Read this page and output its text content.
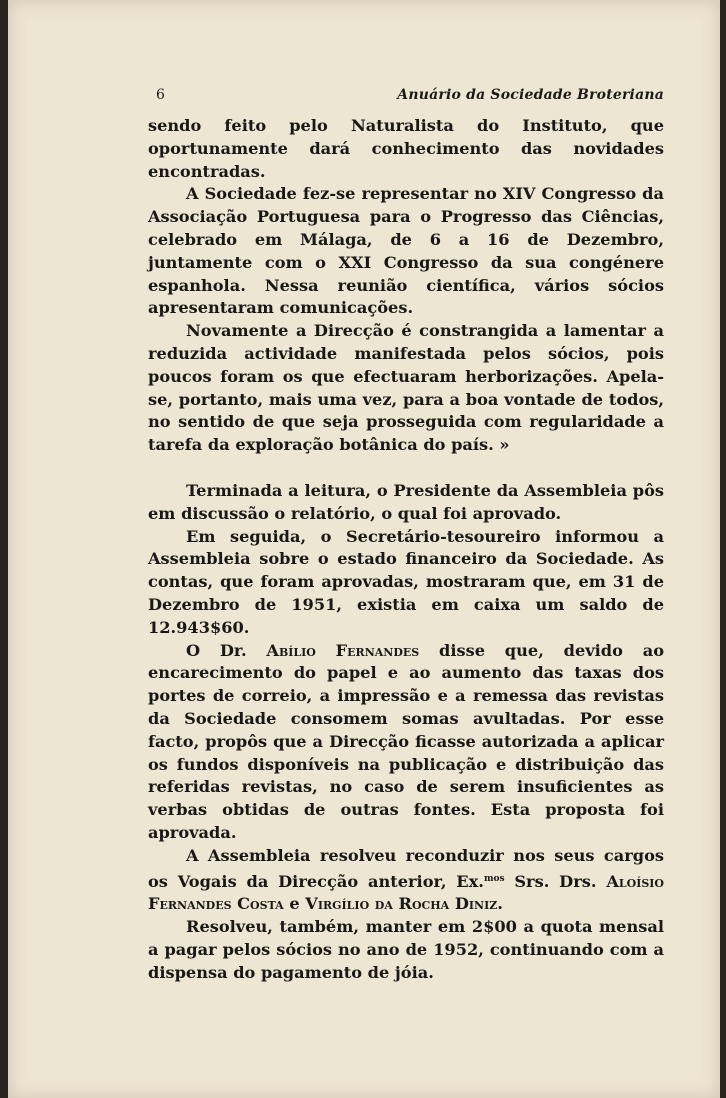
6	Anuário da Sociedade Broteriana

sendo feito pelo Naturalista do Instituto, que oportunamente dará conhecimento das novidades encontradas.

A Sociedade fez-se representar no XIV Congresso da Associação Portuguesa para o Progresso das Ciências, celebrado em Málaga, de 6 a 16 de Dezembro, juntamente com o XXI Congresso da sua congénere espanhola. Nessa reunião científica, vários sócios apresentaram comunicações.

Novamente a Direcção é constrangida a lamentar a reduzida actividade manifestada pelos sócios, pois poucos foram os que efectuaram herborizações. Apela-se, portanto, mais uma vez, para a boa vontade de todos, no sentido de que seja prosseguida com regularidade a tarefa da exploração botânica do país. »

Terminada a leitura, o Presidente da Assembleia pôs em discussão o relatório, o qual foi aprovado.

Em seguida, o Secretário-tesoureiro informou a Assembleia sobre o estado financeiro da Sociedade. As contas, que foram aprovadas, mostraram que, em 31 de Dezembro de 1951, existia em caixa um saldo de 12.943$60.

O Dr. Abílio Fernandes disse que, devido ao encarecimento do papel e ao aumento das taxas dos portes de correio, a impressão e a remessa das revistas da Sociedade consomem somas avultadas. Por esse facto, propôs que a Direcção ficasse autorizada a aplicar os fundos disponíveis na publicação e distribuição das referidas revistas, no caso de serem insuficientes as verbas obtidas de outras fontes. Esta proposta foi aprovada.

A Assembleia resolveu reconduzir nos seus cargos os Vogais da Direcção anterior, Ex.$^{mos}$ Srs. Drs. Aloísio Fernandes Costa e Virgílio da Rocha Diniz.

Resolveu, também, manter em 2$00 a quota mensal a pagar pelos sócios no ano de 1952, continuando com a dispensa do pagamento de jóia.
